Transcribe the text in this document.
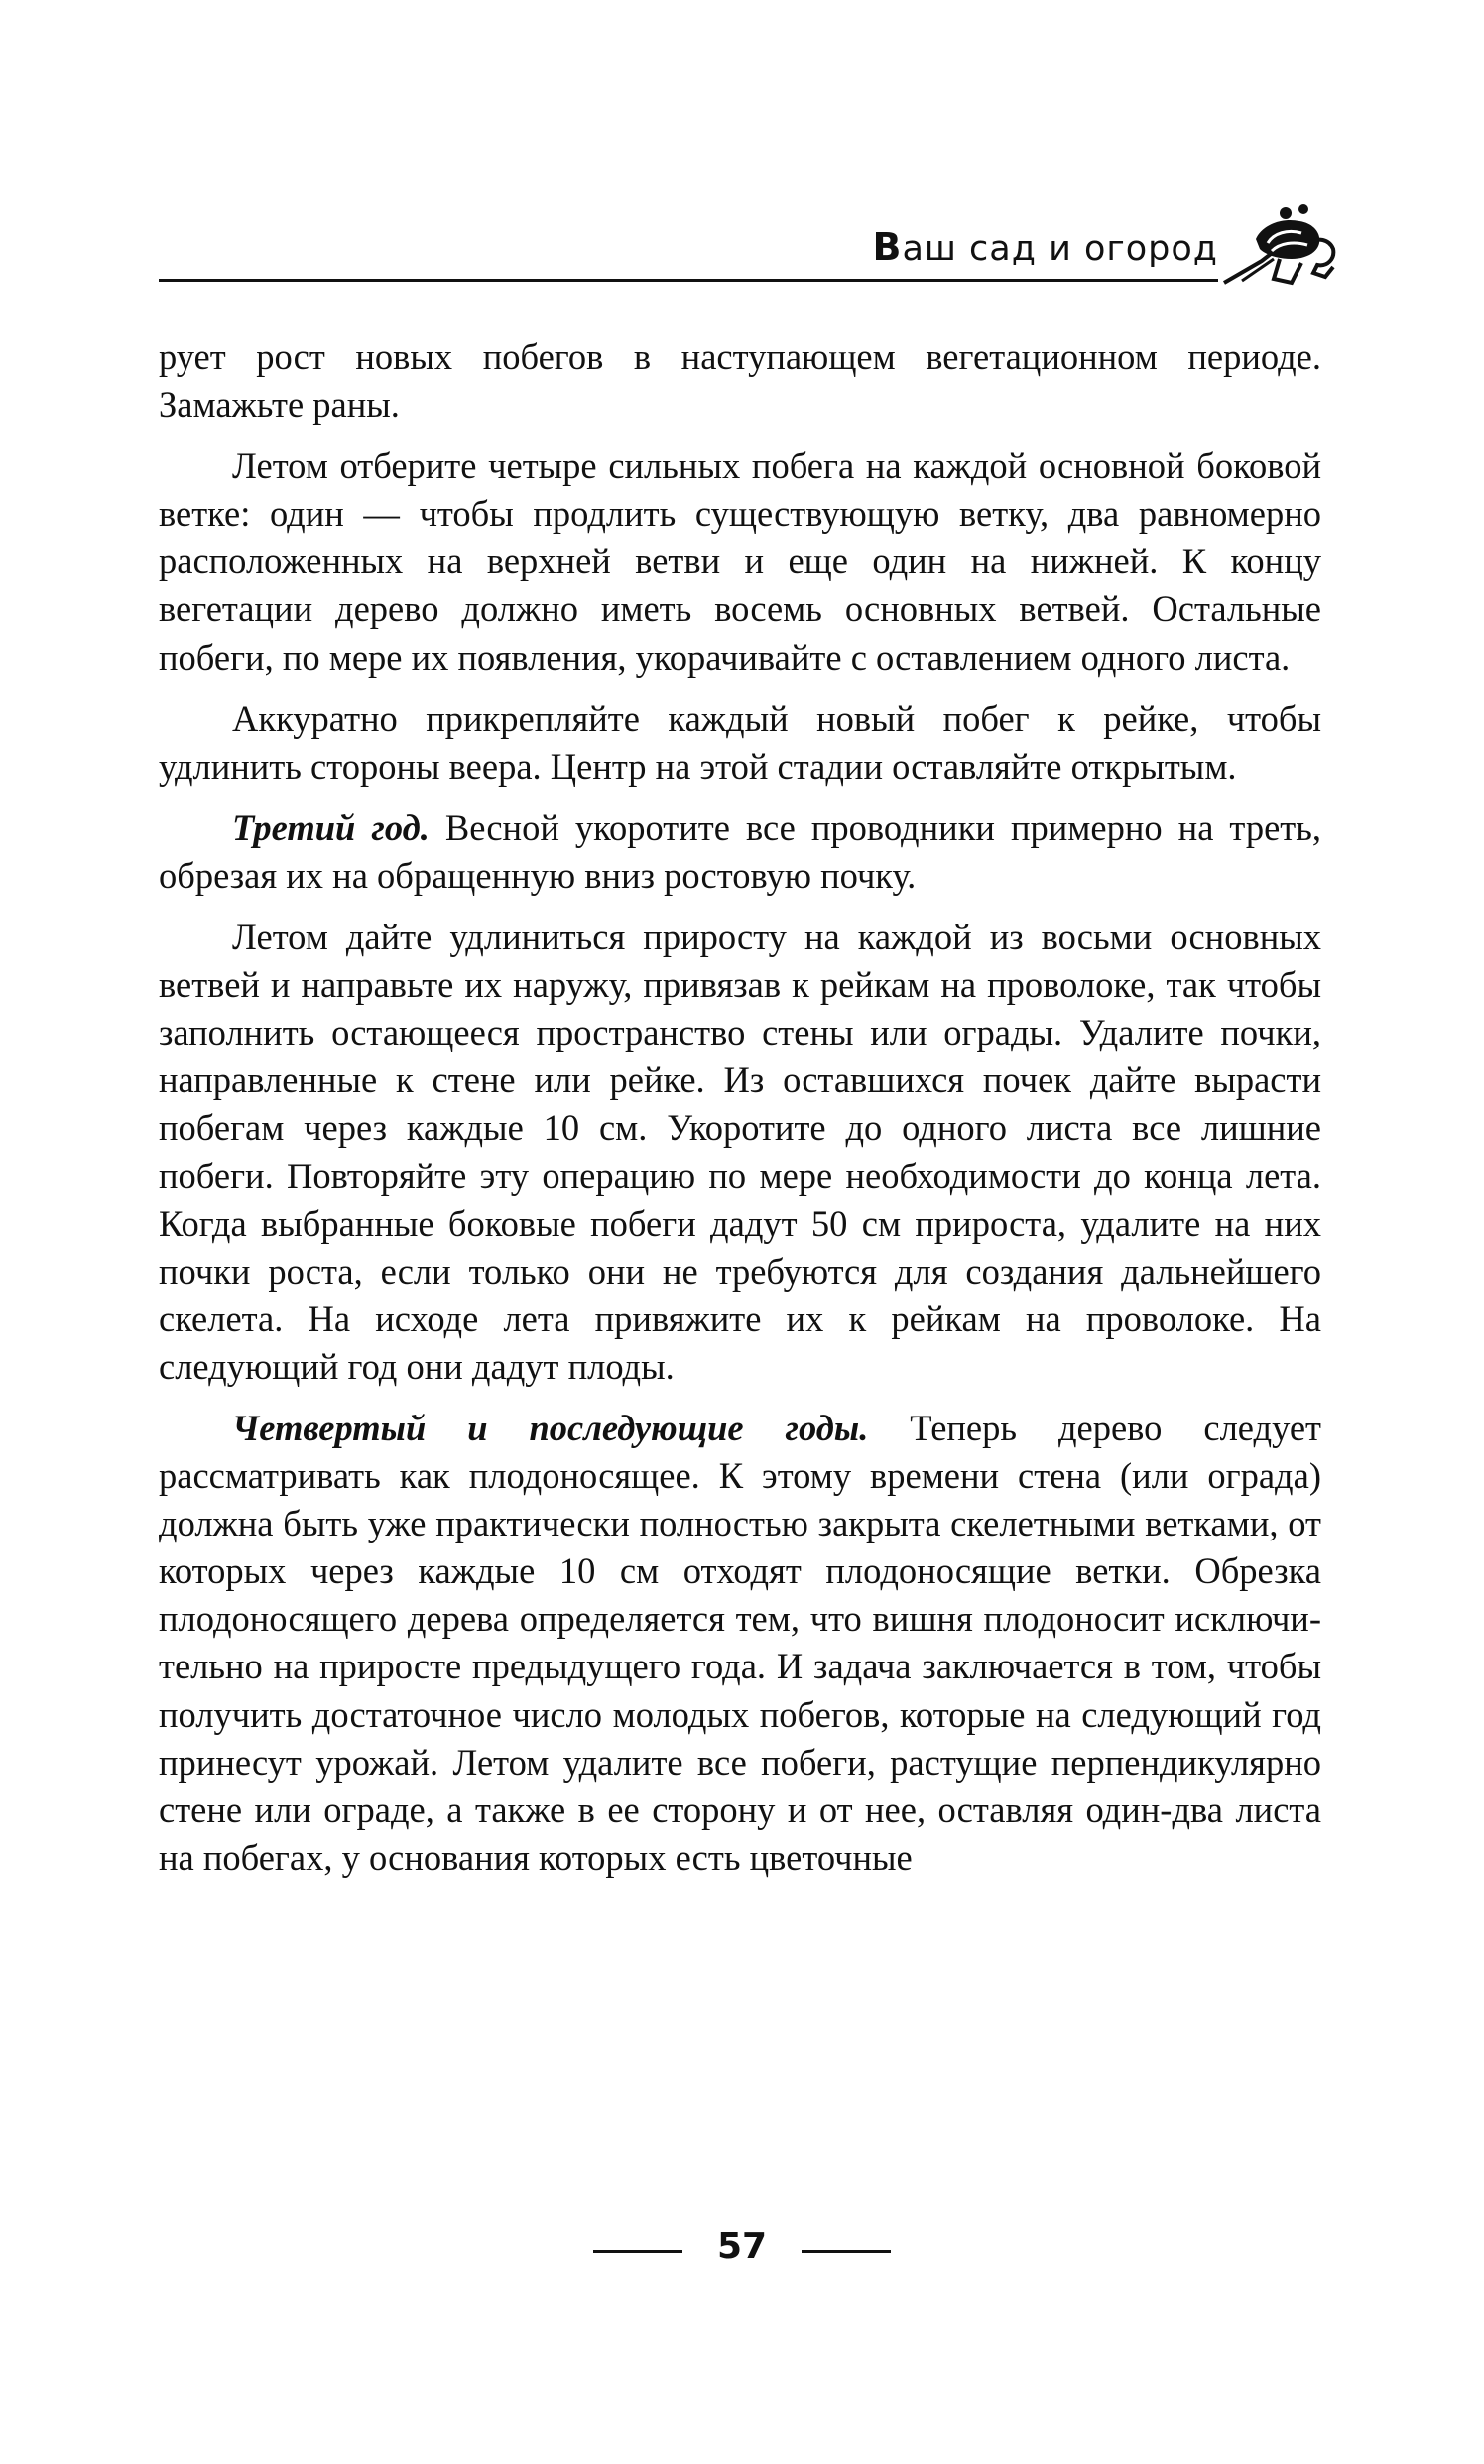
Ваш сад и огород

рует рост новых побегов в наступающем вегетационном периоде. Замажьте раны.

Летом отберите четыре сильных побега на каждой основной боковой ветке: один — чтобы продлить существующую ветку, два равномерно расположенных на верхней ветви и еще один на нижней. К концу вегетации дерево должно иметь восемь основных ветвей. Остальные побеги, по мере их появления, укорачивайте с оставлением одного листа.

Аккуратно прикрепляйте каждый новый побег к рейке, чтобы удлинить стороны веера. Центр на этой стадии оставляйте открытым.

Третий год. Весной укоротите все проводники примерно на треть, обрезая их на обращенную вниз ростовую почку.

Летом дайте удлиниться приросту на каждой из восьми основных ветвей и направьте их наружу, привязав к рейкам на проволоке, так чтобы заполнить остающееся пространство стены или ограды. Удалите почки, направленные к стене или рейке. Из оставшихся почек дайте вырасти побегам через каждые 10 см. Укоротите до одного листа все лишние побеги. Повторяйте эту операцию по мере необходимости до конца лета. Когда выбранные боковые побеги дадут 50 см прироста, удалите на них почки роста, если только они не требуются для создания дальнейшего скелета. На исходе лета привяжите их к рейкам на проволоке. На следующий год они дадут плоды.

Четвертый и последующие годы. Теперь дерево следует рассматривать как плодоносящее. К этому времени стена (или ограда) должна быть уже практически полностью закрыта скелетными ветками, от которых через каждые 10 см отходят плодоносящие ветки. Обрезка плодоносящего дерева определяется тем, что вишня плодоносит исключительно на приросте предыдущего года. И задача заключается в том, чтобы получить достаточное число молодых побегов, которые на следующий год принесут урожай. Летом удалите все побеги, растущие перпендикулярно стене или ограде, а также в ее сторону и от нее, оставляя один-два листа на побегах, у основания которых есть цветочные

57
